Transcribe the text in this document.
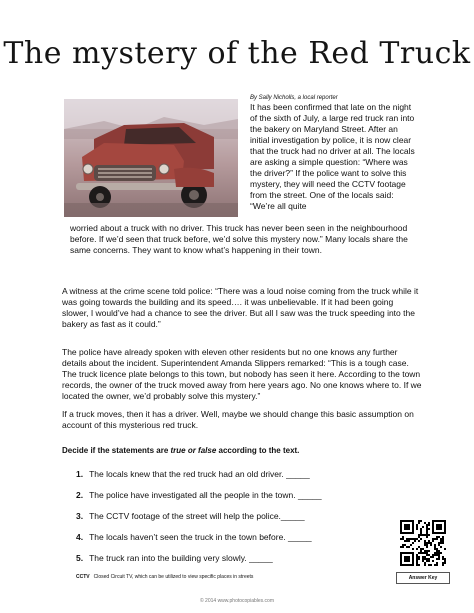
The mystery of the Red Truck
By Sally Nicholls, a local reporter

It has been confirmed that late on the night of the sixth of July, a large red truck ran into the bakery on Maryland Street. After an initial investigation by police, it is now clear that the truck had no driver at all. The locals are asking a simple question: “Where was the driver?” If the police want to solve this mystery, they will need the CCTV footage from the street. One of the locals said: “We’re all quite

worried about a truck with no driver. This truck has never been seen in the neighbourhood before. If we’d seen that truck before, we’d solve this mystery now.” Many locals share the same concerns. They want to know what’s happening in their town.

A witness at the crime scene told police: “There was a loud noise coming from the truck while it was going towards the building and its speed…. it was unbelievable. If it had been going slower, I would’ve had a chance to see the driver. But all I saw was the truck speeding into the bakery as fast as it could.”

The police have already spoken with eleven other residents but no one knows any further details about the incident. Superintendent Amanda Slippers remarked: “This is a tough case. The truck licence plate belongs to this town, but nobody has seen it here. According to the town records, the owner of the truck moved away from here years ago. No one knows where to. If we located the owner, we’d probably solve this mystery.”

If a truck moves, then it has a driver. Well, maybe we should change this basic assumption on account of this mysterious red truck.

Decide if the statements are true or false according to the text.
1. The locals knew that the red truck had an old driver. _____
2. The police have investigated all the people in the town. _____
3. The CCTV footage of the street will help the police._____
4. The locals haven’t seen the truck in the town before. _____
5. The truck ran into the building very slowly. _____
Answer Key
CCTV Closed Circuit TV, which can be utilized to view specific places in streets
© 2014 www.photocopiables.com
